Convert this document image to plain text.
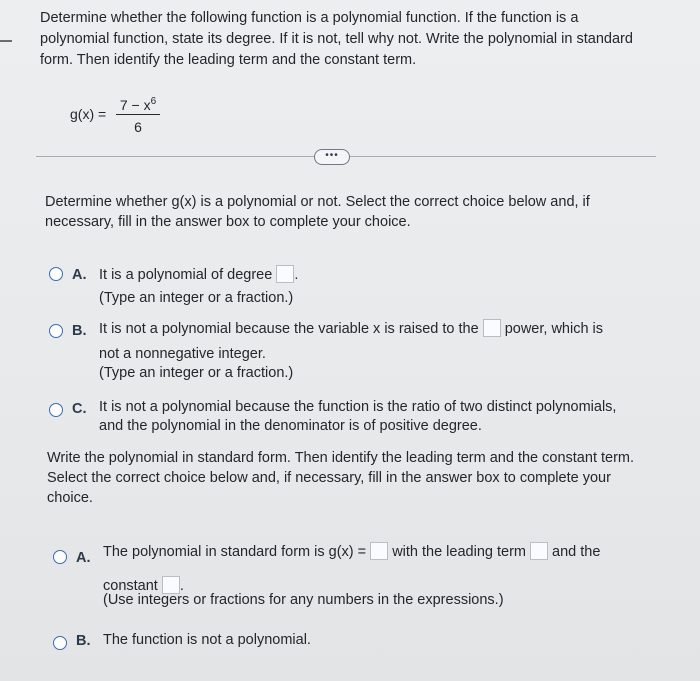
Determine whether the following function is a polynomial function. If the function is a polynomial function, state its degree. If it is not, tell why not. Write the polynomial in standard form. Then identify the leading term and the constant term.

g(x) =
$7 - x^6$
6
•••

Determine whether g(x) is a polynomial or not. Select the correct choice below and, if necessary, fill in the answer box to complete your choice.

A. It is a polynomial of degree .
(Type an integer or a fraction.)
B. It is not a polynomial because the variable x is raised to the power, which is
not a nonnegative integer.
(Type an integer or a fraction.)
C. It is not a polynomial because the function is the ratio of two distinct polynomials,
and the polynomial in the denominator is of positive degree.

Write the polynomial in standard form. Then identify the leading term and the constant term. Select the correct choice below and, if necessary, fill in the answer box to complete your choice.

A. The polynomial in standard form is g(x) = with the leading term and the
constant .
(Use integers or fractions for any numbers in the expressions.)
B. The function is not a polynomial.
